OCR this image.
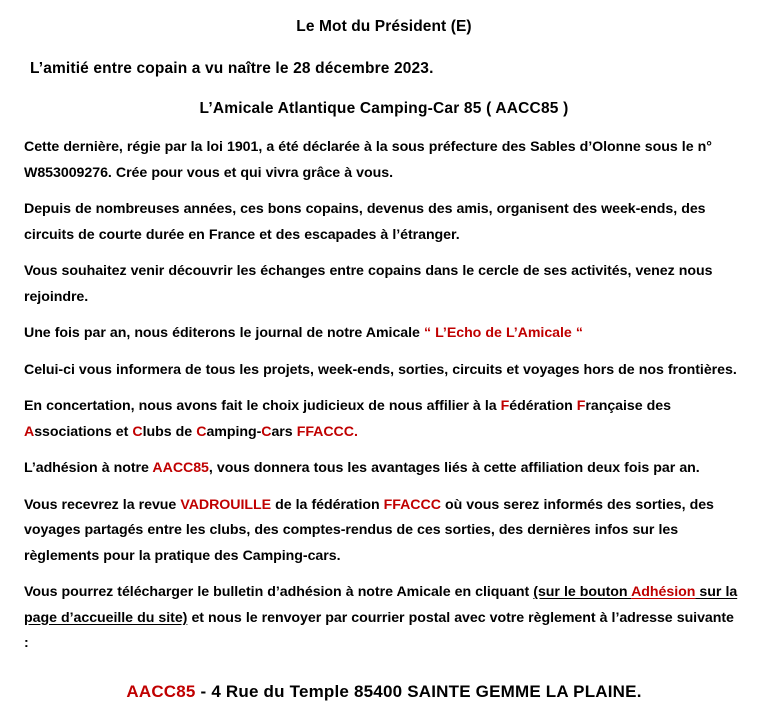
Le Mot du Président (E)

L’amitié entre copain a vu naître le 28 décembre 2023.

L’Amicale Atlantique Camping-Car 85 ( AACC85 )

Cette dernière, régie par la loi 1901, a été déclarée à la sous préfecture des Sables d’Olonne sous le n° W853009276. Crée pour vous et qui vivra grâce à vous.

Depuis de nombreuses années, ces bons copains, devenus des amis, organisent des week-ends, des circuits de courte durée en France et des escapades à l’étranger.

Vous souhaitez venir découvrir les échanges entre copains dans le cercle de ses activités, venez nous rejoindre.

Une fois par an, nous éditerons le journal de notre Amicale “ L’Echo de L’Amicale “

Celui-ci vous informera de tous les projets, week-ends, sorties, circuits et voyages hors de nos frontières.

En concertation, nous avons fait le choix judicieux de nous affilier à la Fédération Française des Associations et Clubs de Camping-Cars FFACCC.

L’adhésion à notre AACC85, vous donnera tous les avantages liés à cette affiliation deux fois par an.

Vous recevrez la revue VADROUILLE de la fédération FFACCC où vous serez informés des sorties, des voyages partagés entre les clubs, des comptes-rendus de ces sorties, des dernières infos sur les règlements pour la pratique des Camping-cars.

Vous pourrez télécharger le bulletin d’adhésion à notre Amicale en cliquant (sur le bouton Adhésion sur la page d’accueille du site) et nous le renvoyer par courrier postal avec votre règlement à l’adresse suivante :

AACC85 - 4 Rue du Temple 85400 SAINTE GEMME LA PLAINE.
